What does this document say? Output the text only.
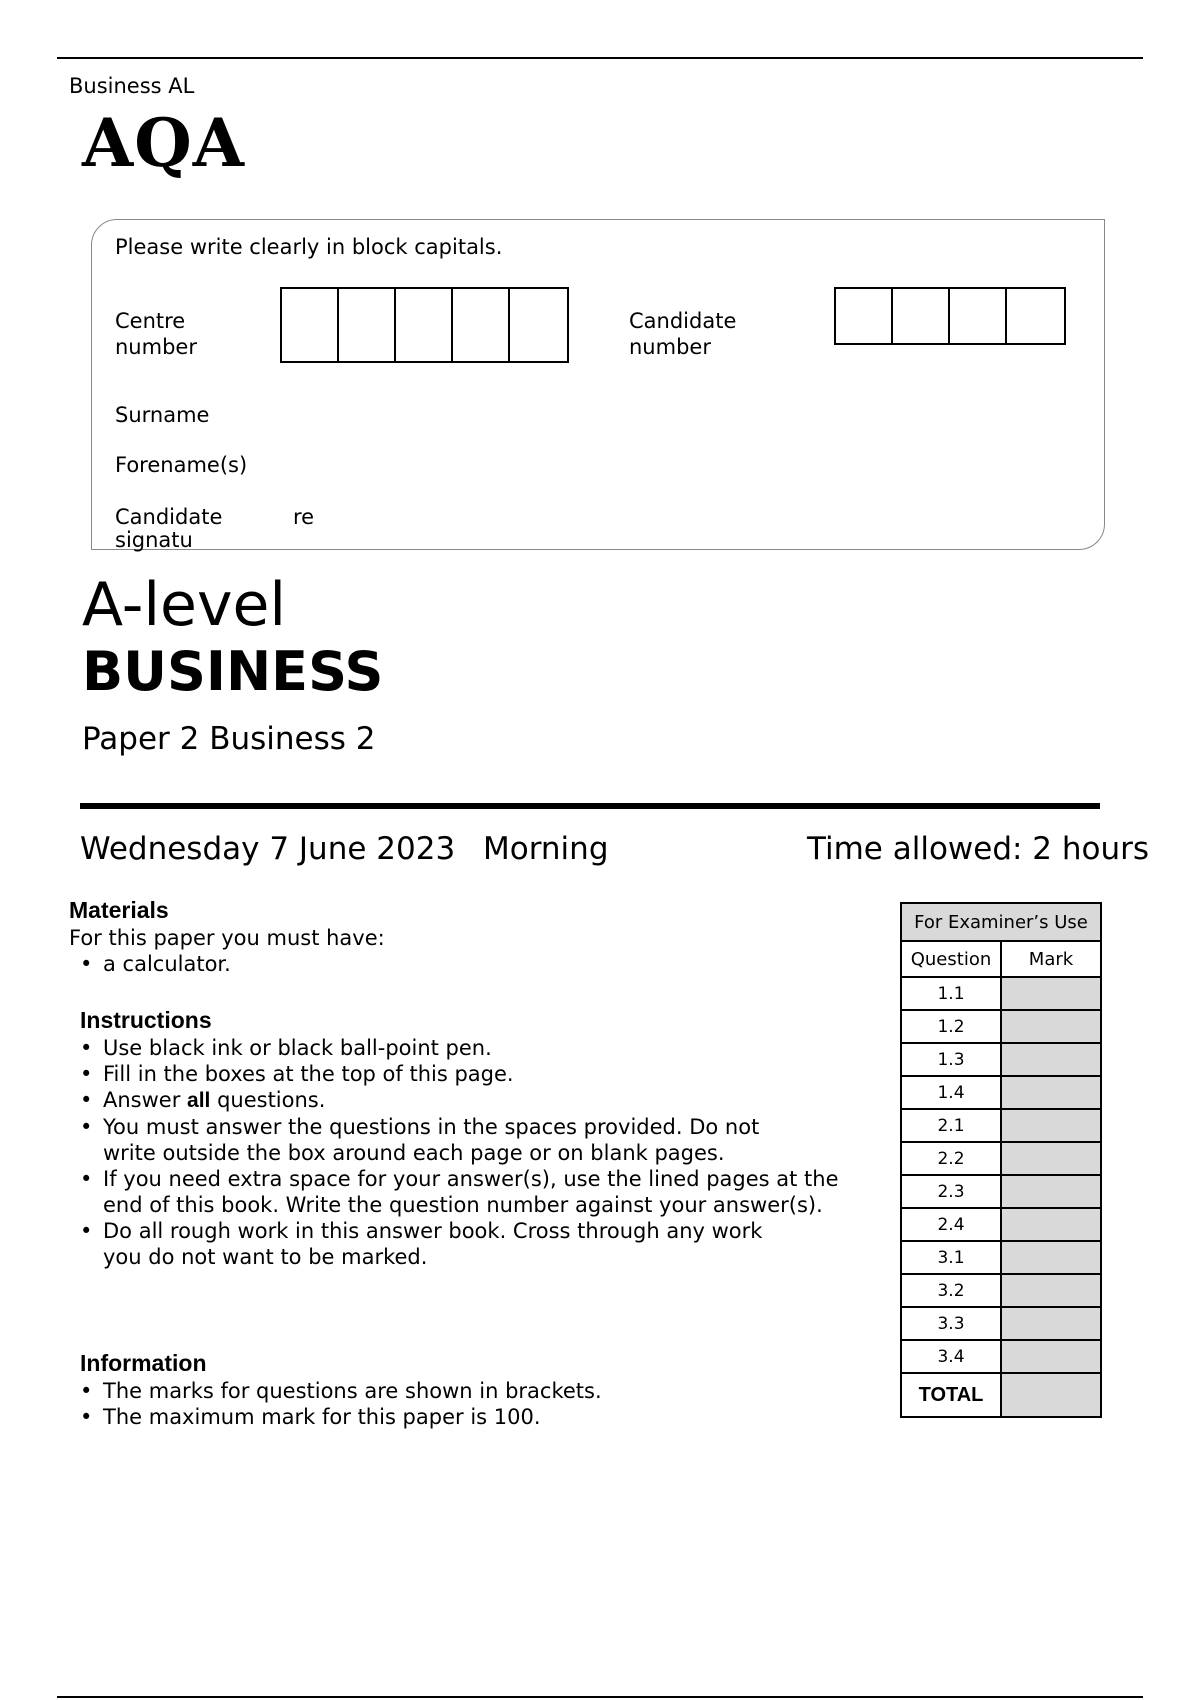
Business AL
AQA
Please write clearly in block capitals.
Centre
number
Candidate
number
Surname
Forename(s)
Candidate
signatu
re
A-level
BUSINESS
Paper 2 Business 2
Wednesday 7 June 2023 Morning	Time allowed: 2 hours
Materials
For this paper you must have:
• a calculator.
Instructions
• Use black ink or black ball-point pen.
• Fill in the boxes at the top of this page.
• Answer all questions.
• You must answer the questions in the spaces provided. Do not write outside the box around each page or on blank pages.
• If you need extra space for your answer(s), use the lined pages at the end of this book. Write the question number against your answer(s).
• Do all rough work in this answer book. Cross through any work you do not want to be marked.
Information
• The marks for questions are shown in brackets.
• The maximum mark for this paper is 100.
For Examiner’s Use	
Question	Mark
1.1	
1.2	
1.3	
1.4	
2.1	
2.2	
2.3	
2.4	
3.1	
3.2	
3.3	
3.4	
TOTAL	
